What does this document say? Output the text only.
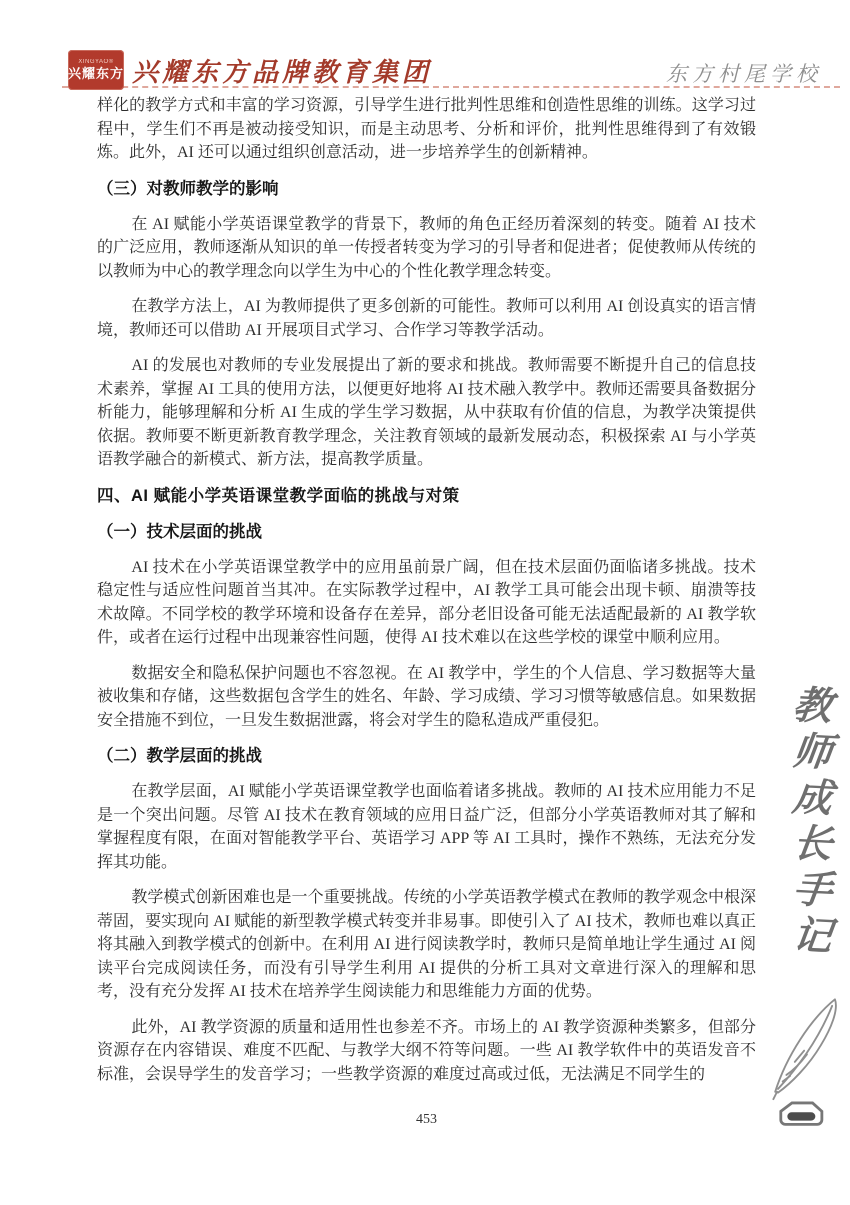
XINGYAO®
兴耀东方 兴耀东方品牌教育集团	东方村尾学校

样化的教学方式和丰富的学习资源，引导学生进行批判性思维和创造性思维的训练。这学习过程中，学生们不再是被动接受知识，而是主动思考、分析和评价，批判性思维得到了有效锻炼。此外，AI 还可以通过组织创意活动，进一步培养学生的创新精神。

（三）对教师教学的影响

在 AI 赋能小学英语课堂教学的背景下，教师的角色正经历着深刻的转变。随着 AI 技术的广泛应用，教师逐渐从知识的单一传授者转变为学习的引导者和促进者；促使教师从传统的以教师为中心的教学理念向以学生为中心的个性化教学理念转变。

在教学方法上，AI 为教师提供了更多创新的可能性。教师可以利用 AI 创设真实的语言情境，教师还可以借助 AI 开展项目式学习、合作学习等教学活动。

AI 的发展也对教师的专业发展提出了新的要求和挑战。教师需要不断提升自己的信息技术素养，掌握 AI 工具的使用方法，以便更好地将 AI 技术融入教学中。教师还需要具备数据分析能力，能够理解和分析 AI 生成的学生学习数据，从中获取有价值的信息，为教学决策提供依据。教师要不断更新教育教学理念，关注教育领域的最新发展动态，积极探索 AI 与小学英语教学融合的新模式、新方法，提高教学质量。

四、AI 赋能小学英语课堂教学面临的挑战与对策
（一）技术层面的挑战

AI 技术在小学英语课堂教学中的应用虽前景广阔，但在技术层面仍面临诸多挑战。技术稳定性与适应性问题首当其冲。在实际教学过程中，AI 教学工具可能会出现卡顿、崩溃等技术故障。不同学校的教学环境和设备存在差异，部分老旧设备可能无法适配最新的 AI 教学软件，或者在运行过程中出现兼容性问题，使得 AI 技术难以在这些学校的课堂中顺利应用。

数据安全和隐私保护问题也不容忽视。在 AI 教学中，学生的个人信息、学习数据等大量被收集和存储，这些数据包含学生的姓名、年龄、学习成绩、学习习惯等敏感信息。如果数据安全措施不到位，一旦发生数据泄露，将会对学生的隐私造成严重侵犯。

（二）教学层面的挑战

在教学层面，AI 赋能小学英语课堂教学也面临着诸多挑战。教师的 AI 技术应用能力不足是一个突出问题。尽管 AI 技术在教育领域的应用日益广泛，但部分小学英语教师对其了解和掌握程度有限，在面对智能教学平台、英语学习 APP 等 AI 工具时，操作不熟练，无法充分发挥其功能。

教学模式创新困难也是一个重要挑战。传统的小学英语教学模式在教师的教学观念中根深蒂固，要实现向 AI 赋能的新型教学模式转变并非易事。即使引入了 AI 技术，教师也难以真正将其融入到教学模式的创新中。在利用 AI 进行阅读教学时，教师只是简单地让学生通过 AI 阅读平台完成阅读任务，而没有引导学生利用 AI 提供的分析工具对文章进行深入的理解和思考，没有充分发挥 AI 技术在培养学生阅读能力和思维能力方面的优势。

此外，AI 教学资源的质量和适用性也参差不齐。市场上的 AI 教学资源种类繁多，但部分资源存在内容错误、难度不匹配、与教学大纲不符等问题。一些 AI 教学软件中的英语发音不标准，会误导学生的发音学习；一些教学资源的难度过高或过低，无法满足不同学生的

教
师
成
长
手
记
453
